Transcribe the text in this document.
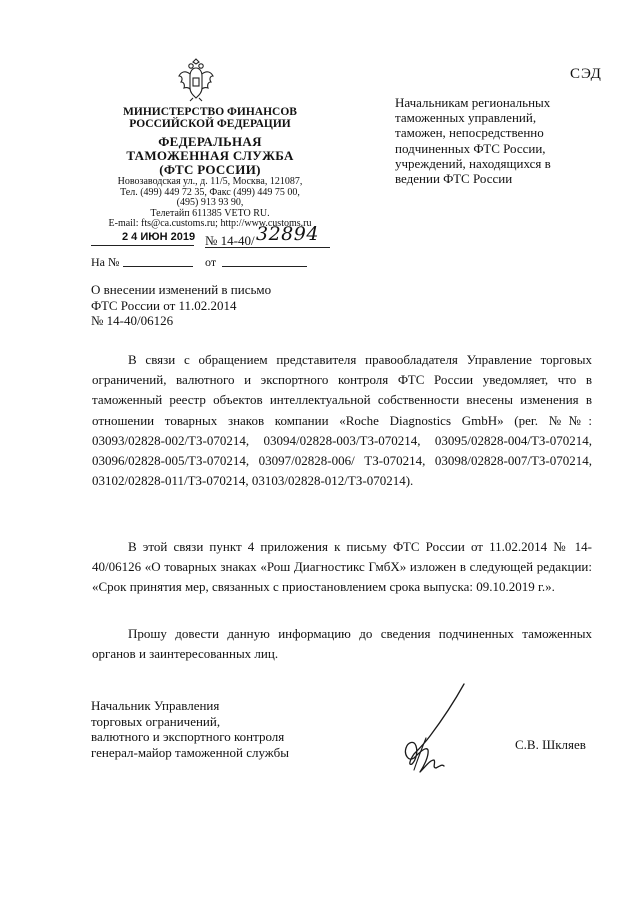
СЭД
МИНИСТЕРСТВО ФИНАНСОВ
РОССИЙСКОЙ ФЕДЕРАЦИИ
ФЕДЕРАЛЬНАЯ
ТАМОЖЕННАЯ СЛУЖБА
(ФТС РОССИИ)
Новозаводская ул., д. 11/5, Москва, 121087,
Тел. (499) 449 72 35, Факс (499) 449 75 00,
(495) 913 93 90,
Телетайп 611385 VETO RU.
E-mail: fts@ca.customs.ru; http://www.customs.ru
2 4 ИЮН 2019 № 14-40/ 32894
На №	от
Начальникам региональных
таможенных управлений,
таможен, непосредственно
подчиненных ФТС России,
учреждений, находящихся в
ведении ФТС России
О внесении изменений в письмо
ФТС России от 11.02.2014
№ 14-40/06126

В связи с обращением представителя правообладателя Управление торговых ограничений, валютного и экспортного контроля ФТС России уведомляет, что в таможенный реестр объектов интеллектуальной собственности внесены изменения в отношении товарных знаков компании «Roche Diagnostics GmbH» (рег. №№: 03093/02828-002/ТЗ-070214, 03094/02828-003/ТЗ-070214, 03095/02828-004/ТЗ-070214, 03096/02828-005/ТЗ-070214, 03097/02828-006/ ТЗ-070214, 03098/02828-007/ТЗ-070214, 03102/02828-011/ТЗ-070214, 03103/02828-012/ТЗ-070214).

В этой связи пункт 4 приложения к письму ФТС России от 11.02.2014 № 14-40/06126 «О товарных знаках «Рош Диагностикс ГмбХ» изложен в следующей редакции: «Срок принятия мер, связанных с приостановлением срока выпуска: 09.10.2019 г.».

Прошу довести данную информацию до сведения подчиненных таможенных органов и заинтересованных лиц.

Начальник Управления
торговых ограничений,
валютного и экспортного контроля
генерал-майор таможенной службы	С.В. Шкляев
